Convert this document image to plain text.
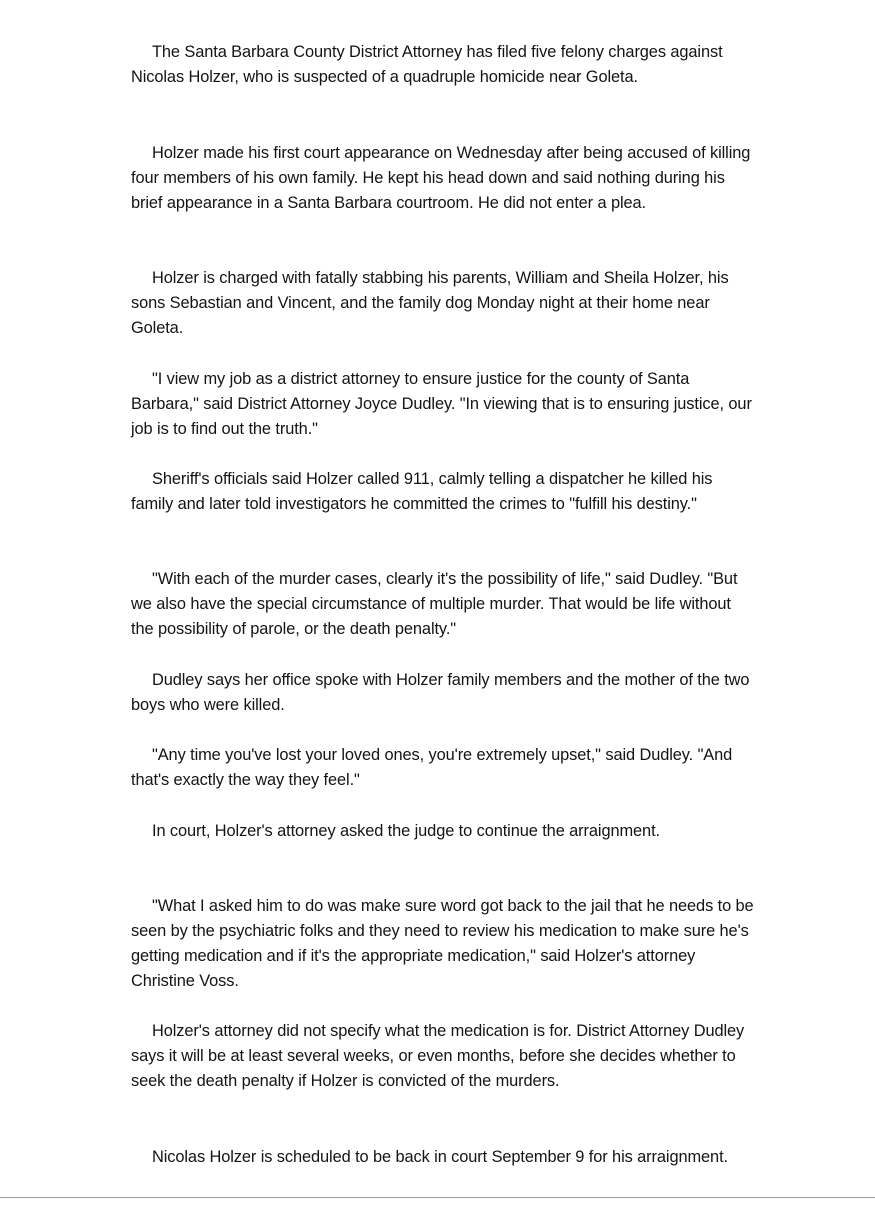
The Santa Barbara County District Attorney has filed five felony charges against Nicolas Holzer, who is suspected of a quadruple homicide near Goleta.

Holzer made his first court appearance on Wednesday after being accused of killing four members of his own family. He kept his head down and said nothing during his brief appearance in a Santa Barbara courtroom. He did not enter a plea.

Holzer is charged with fatally stabbing his parents, William and Sheila Holzer, his sons Sebastian and Vincent, and the family dog Monday night at their home near Goleta.

"I view my job as a district attorney to ensure justice for the county of Santa Barbara," said District Attorney Joyce Dudley. "In viewing that is to ensuring justice, our job is to find out the truth."

Sheriff's officials said Holzer called 911, calmly telling a dispatcher he killed his family and later told investigators he committed the crimes to "fulfill his destiny."

"With each of the murder cases, clearly it's the possibility of life," said Dudley. "But we also have the special circumstance of multiple murder. That would be life without the possibility of parole, or the death penalty."

Dudley says her office spoke with Holzer family members and the mother of the two boys who were killed.

"Any time you've lost your loved ones, you're extremely upset," said Dudley. "And that's exactly the way they feel."

In court, Holzer's attorney asked the judge to continue the arraignment.

"What I asked him to do was make sure word got back to the jail that he needs to be seen by the psychiatric folks and they need to review his medication to make sure he's getting medication and if it's the appropriate medication," said Holzer's attorney Christine Voss.

Holzer's attorney did not specify what the medication is for. District Attorney Dudley says it will be at least several weeks, or even months, before she decides whether to seek the death penalty if Holzer is convicted of the murders.

Nicolas Holzer is scheduled to be back in court September 9 for his arraignment.
